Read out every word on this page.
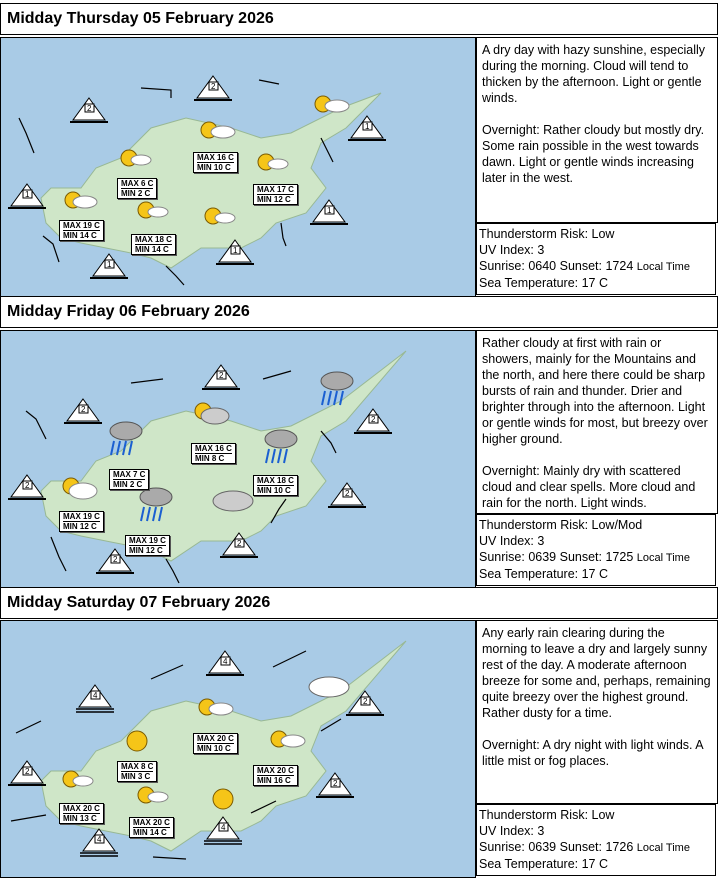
Midday Thursday 05 February 2026
2
2
1
1
1
1
1
MAX 19 C
MIN 14 C
MAX 6 C
MIN 2 C
MAX 18 C
MIN 14 C
MAX 16 C
MIN 10 C
MAX 17 C
MIN 12 C
A dry day with hazy sunshine, especially during the morning. Cloud will tend to thicken by the afternoon. Light or gentle winds.

Overnight: Rather cloudy but mostly dry. Some rain possible in the west towards dawn. Light or gentle winds increasing later in the west.
Thunderstorm Risk: Low
UV Index: 3
Sunrise: 0640 Sunset: 1724 Local Time
Sea Temperature: 17 C
Midday Friday 06 February 2026
2
2
2
2
2
2
2
MAX 19 C
MIN 12 C
MAX 7 C
MIN 2 C
MAX 19 C
MIN 12 C
MAX 16 C
MIN 8 C
MAX 18 C
MIN 10 C
Rather cloudy at first with rain or showers, mainly for the Mountains and the north, and here there could be sharp bursts of rain and thunder. Drier and brighter through into the afternoon. Light or gentle winds for most, but breezy over higher ground.

Overnight: Mainly dry with scattered cloud and clear spells. More cloud and rain for the north. Light winds.
Thunderstorm Risk: Low/Mod
UV Index: 3
Sunrise: 0639 Sunset: 1725 Local Time
Sea Temperature: 17 C
Midday Saturday 07 February 2026
4
4
2
2
2
4
4
MAX 20 C
MIN 13 C
MAX 8 C
MIN 3 C
MAX 20 C
MIN 14 C
MAX 20 C
MIN 10 C
MAX 20 C
MIN 16 C
Any early rain clearing during the morning to leave a dry and largely sunny rest of the day. A moderate afternoon breeze for some and, perhaps, remaining quite breezy over the highest ground. Rather dusty for a time.

Overnight: A dry night with light winds. A little mist or fog places.
Thunderstorm Risk: Low
UV Index: 3
Sunrise: 0639 Sunset: 1726 Local Time
Sea Temperature: 17 C
